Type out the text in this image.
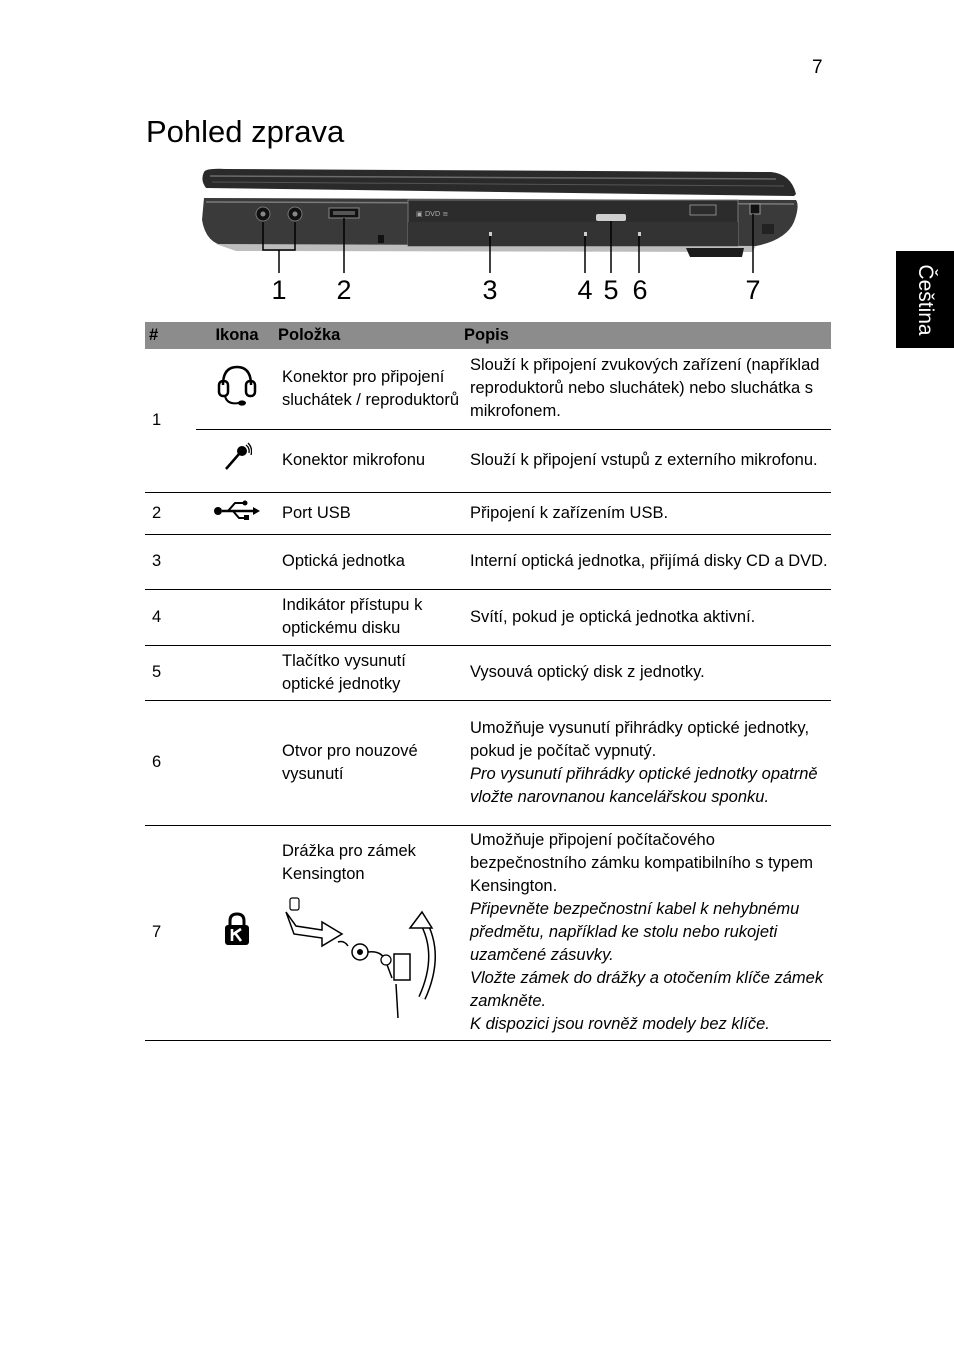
7
Pohled zprava
Čeština
▣ DVD ≡
1 2	3	4 5 6	7
#	Ikona	Položka	Popis
1		Konektor pro připojení sluchátek / reproduktorů	Slouží k připojení zvukových zařízení (například reproduktorů nebo sluchátek) nebo sluchátka s mikrofonem.
	Konektor mikrofonu	Slouží k připojení vstupů z externího mikrofonu.
2		Port USB	Připojení k zařízením USB.
3		Optická jednotka	Interní optická jednotka, přijímá disky CD a DVD.
4		Indikátor přístupu k optickému disku	Svítí, pokud je optická jednotka aktivní.
5		Tlačítko vysunutí optické jednotky	Vysouvá optický disk z jednotky.
6		Otvor pro nouzové vysunutí	Umožňuje vysunutí přihrádky optické jednotky, pokud je počítač vypnutý.
Pro vysunutí přihrádky optické jednotky opatrně vložte narovnanou kancelářskou sponku.

7		Drážka pro zámek Kensington	Umožňuje připojení počítačového bezpečnostního zámku kompatibilního s typem Kensington.
Připevněte bezpečnostní kabel k nehybnému předmětu, například ke stolu nebo rukojeti uzamčené zásuvky.
Vložte zámek do drážky a otočením klíče zámek zamkněte.
K dispozici jsou rovněž modely bez klíče.
